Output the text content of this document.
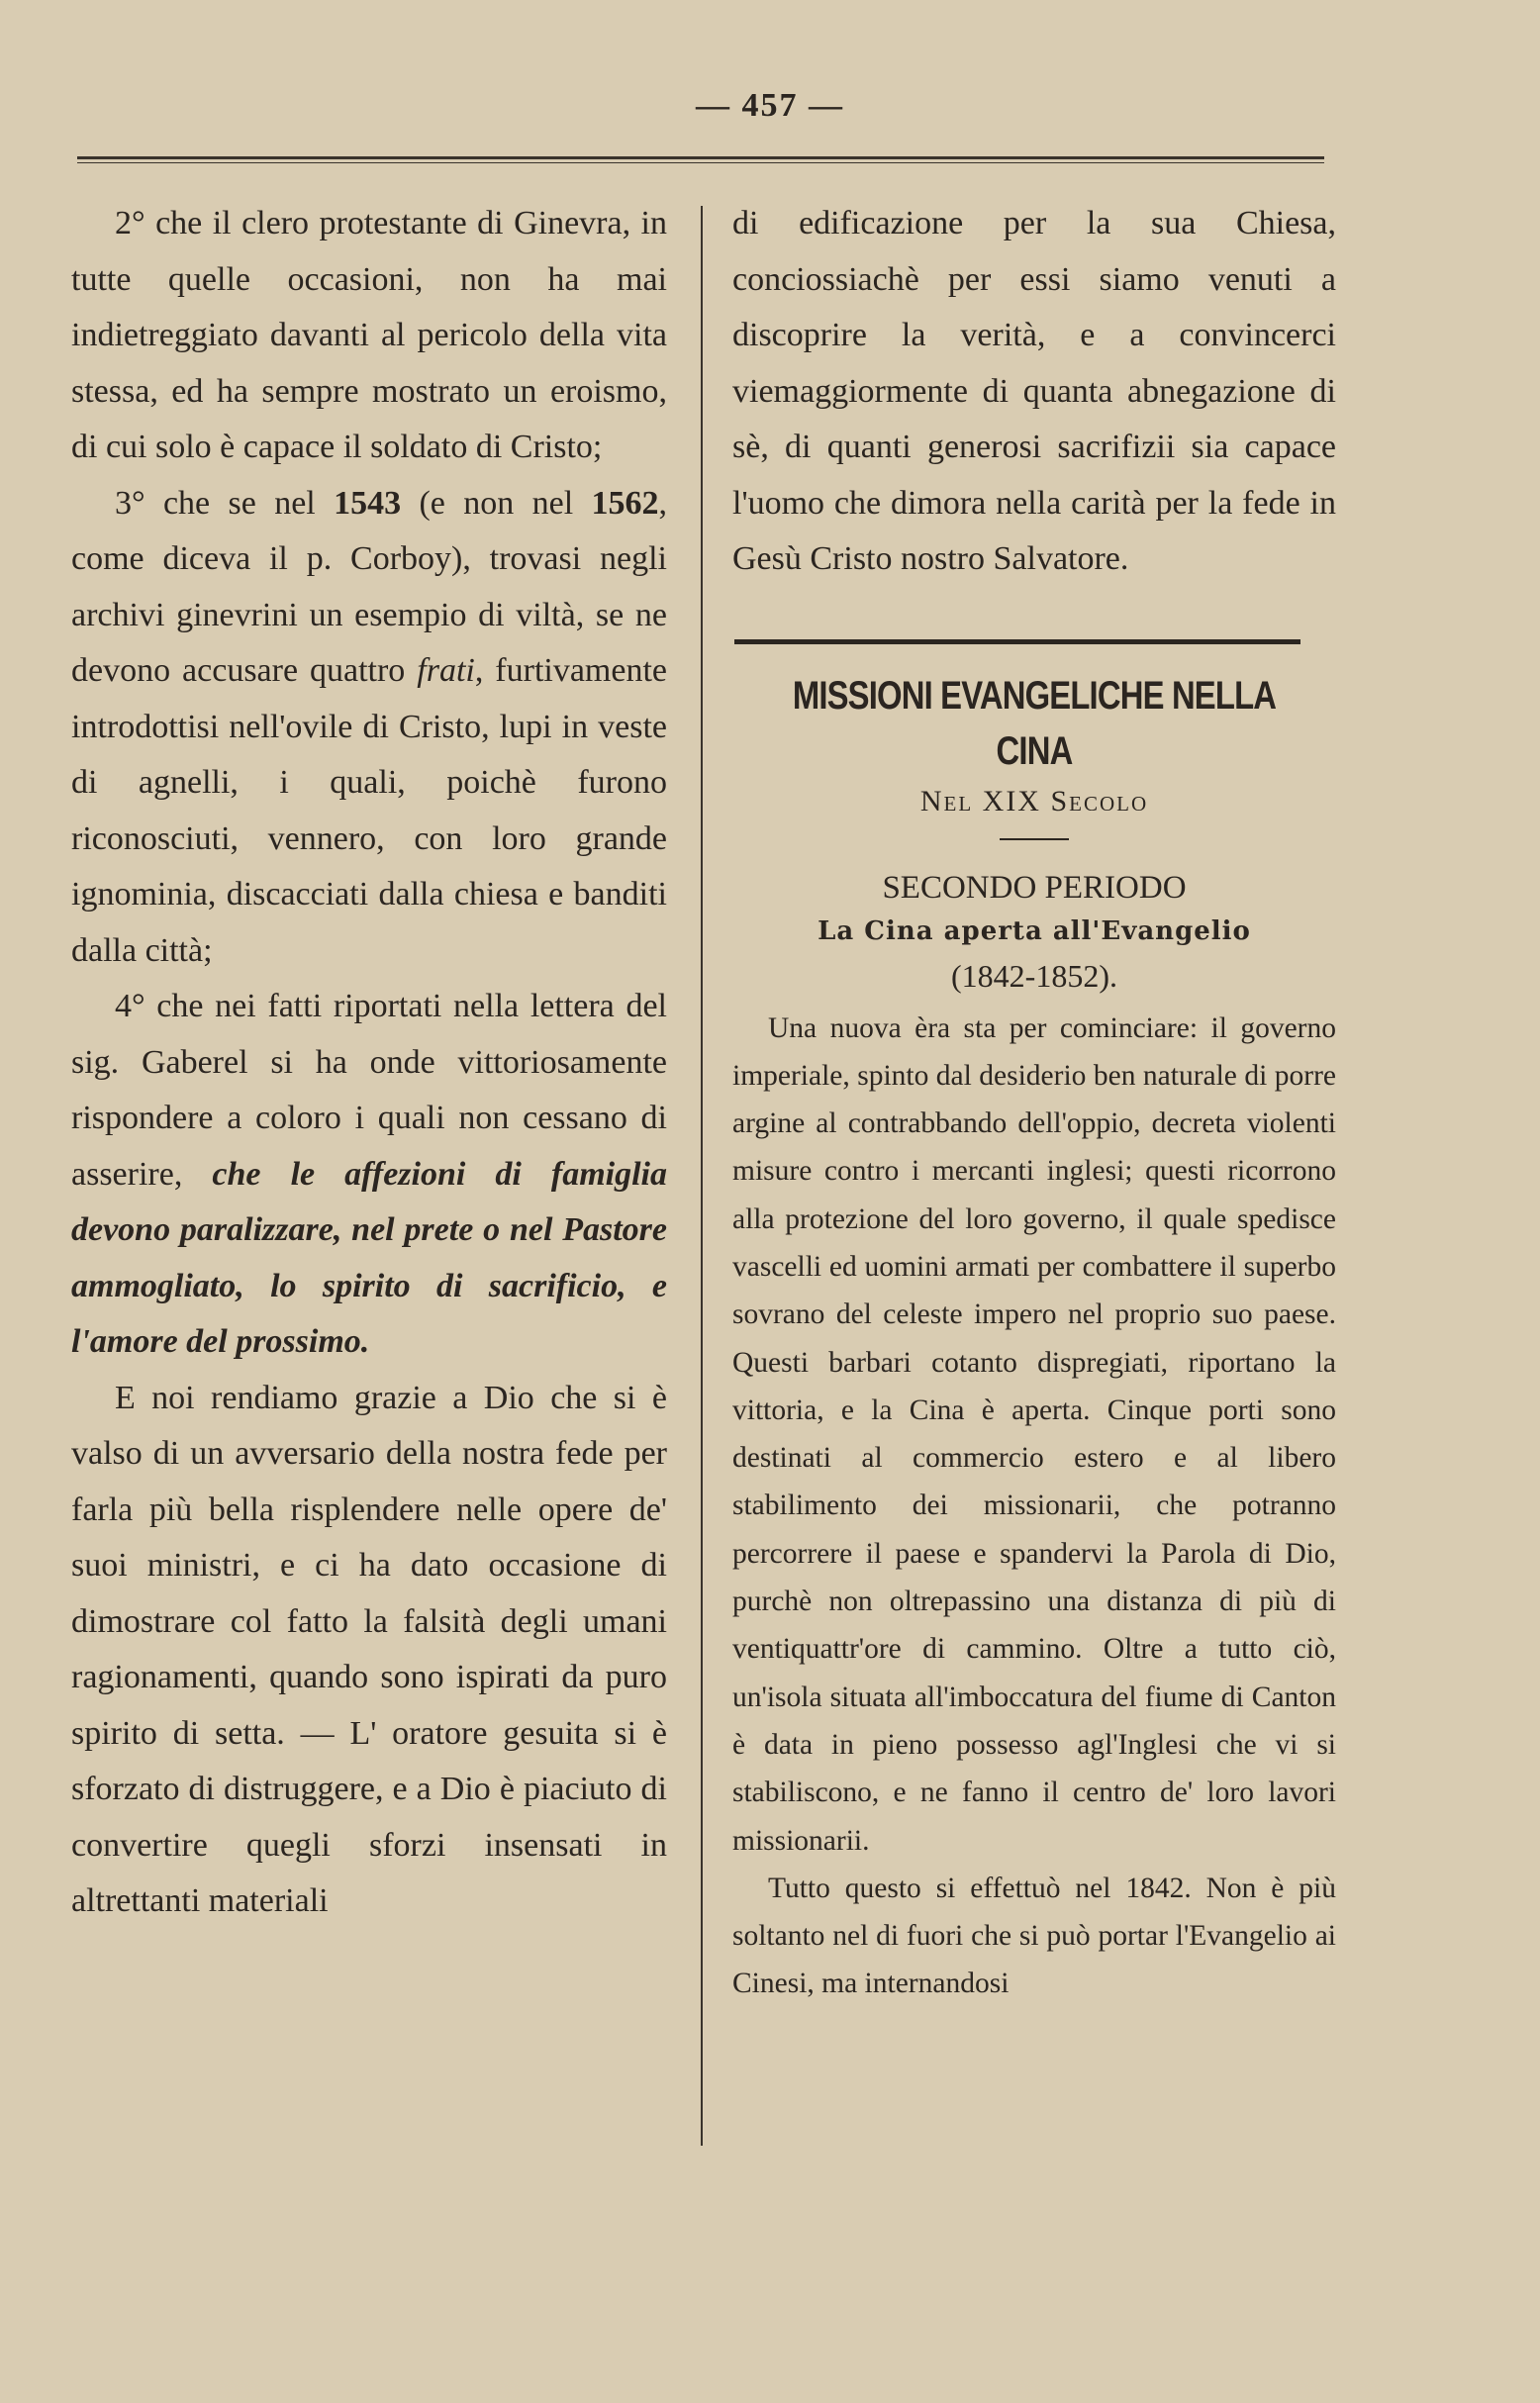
— 457 —

2° che il clero protestante di Ginevra, in tutte quelle occasioni, non ha mai indietreggiato davanti al pericolo della vita stessa, ed ha sempre mostrato un eroismo, di cui solo è capace il soldato di Cristo;

3° che se nel 1543 (e non nel 1562, come diceva il p. Corboy), trovasi negli archivi ginevrini un esempio di viltà, se ne devono accusare quattro frati, furtivamente introdottisi nell'ovile di Cristo, lupi in veste di agnelli, i quali, poichè furono riconosciuti, vennero, con loro grande ignominia, discacciati dalla chiesa e banditi dalla città;

4° che nei fatti riportati nella lettera del sig. Gaberel si ha onde vittoriosamente rispondere a coloro i quali non cessano di asserire, che le affezioni di famiglia devono paralizzare, nel prete o nel Pastore ammogliato, lo spirito di sacrificio, e l'amore del prossimo.

E noi rendiamo grazie a Dio che si è valso di un avversario della nostra fede per farla più bella risplendere nelle opere de' suoi ministri, e ci ha dato occasione di dimostrare col fatto la falsità degli umani ragionamenti, quando sono ispirati da puro spirito di setta. — L' oratore gesuita si è sforzato di distruggere, e a Dio è piaciuto di convertire quegli sforzi insensati in altrettanti materiali

di edificazione per la sua Chiesa, conciossiachè per essi siamo venuti a discoprire la verità, e a convincerci viemaggiormente di quanta abnegazione di sè, di quanti generosi sacrifizii sia capace l'uomo che dimora nella carità per la fede in Gesù Cristo nostro Salvatore.

MISSIONI EVANGELICHE NELLA CINA
Nel XIX Secolo
SECONDO PERIODO
La Cina aperta all'Evangelio
(1842-1852).

Una nuova èra sta per cominciare: il governo imperiale, spinto dal desiderio ben naturale di porre argine al contrabbando dell'oppio, decreta violenti misure contro i mercanti inglesi; questi ricorrono alla protezione del loro governo, il quale spedisce vascelli ed uomini armati per combattere il superbo sovrano del celeste impero nel proprio suo paese. Questi barbari cotanto dispregiati, riportano la vittoria, e la Cina è aperta. Cinque porti sono destinati al commercio estero e al libero stabilimento dei missionarii, che potranno percorrere il paese e spandervi la Parola di Dio, purchè non oltrepassino una distanza di più di ventiquattr'ore di cammino. Oltre a tutto ciò, un'isola situata all'imboccatura del fiume di Canton è data in pieno possesso agl'Inglesi che vi si stabiliscono, e ne fanno il centro de' loro lavori missionarii.

Tutto questo si effettuò nel 1842. Non è più soltanto nel di fuori che si può portar l'Evangelio ai Cinesi, ma internandosi
